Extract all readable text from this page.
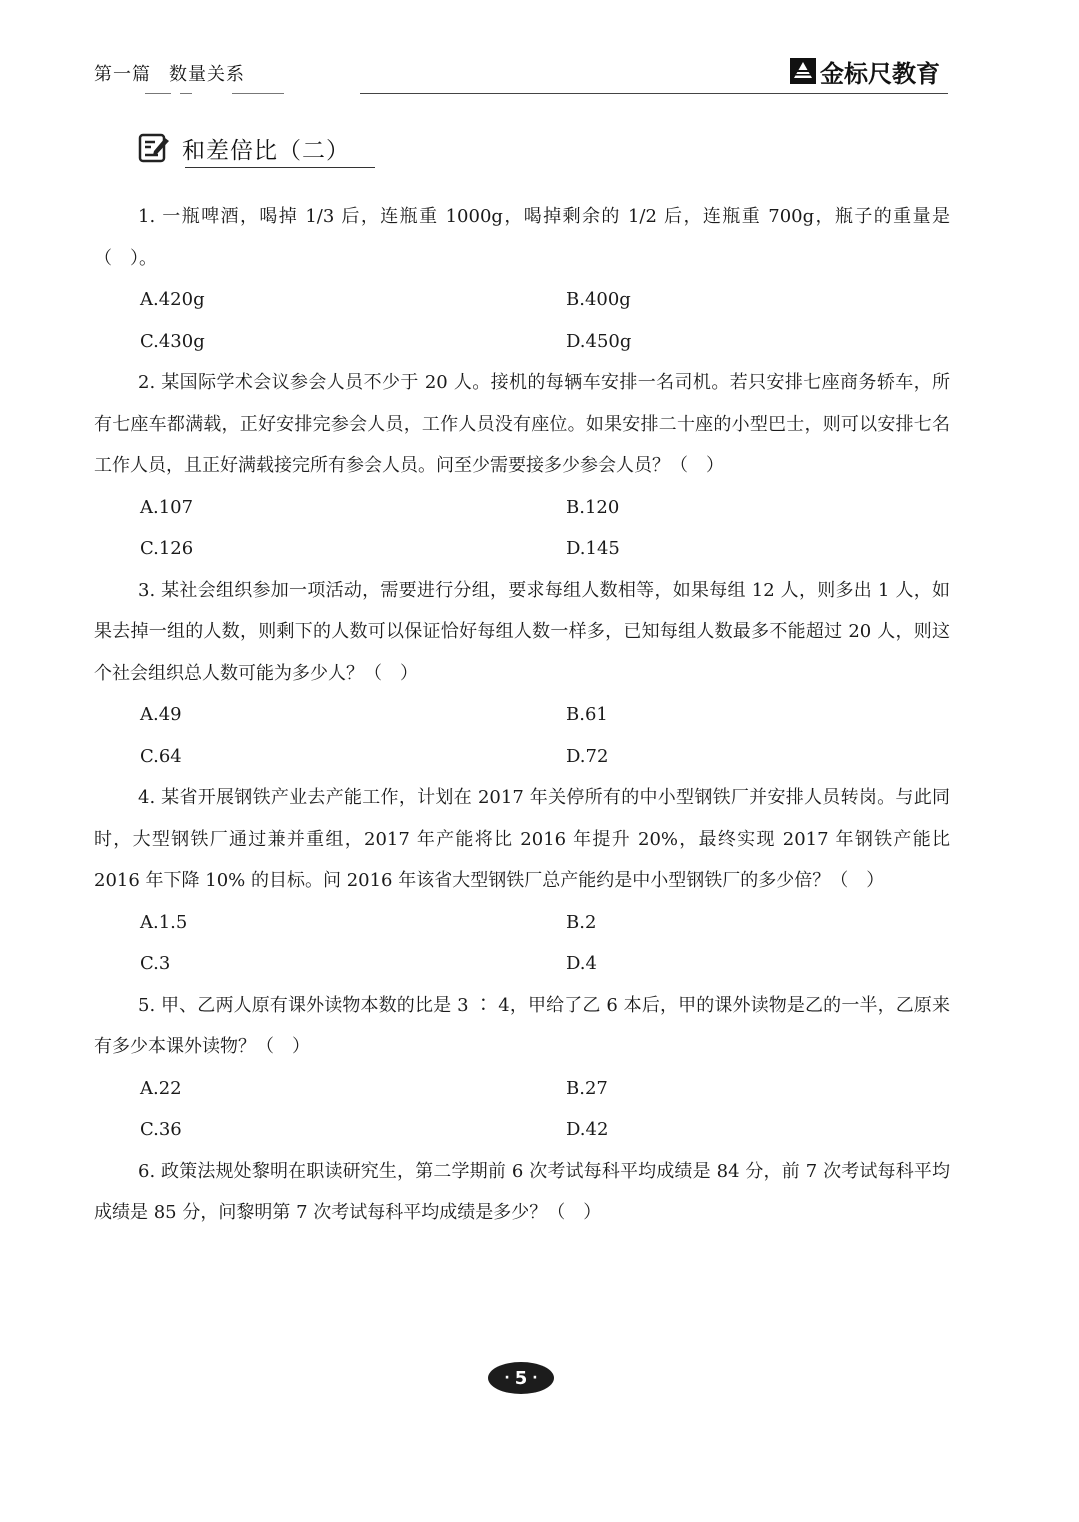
第一篇 数量关系	金标尺教育
和差倍比（二）

1. 一瓶啤酒，喝掉 1/3 后，连瓶重 1000g，喝掉剩余的 1/2 后，连瓶重 700g，瓶子的重量是（　）。

A.420g	B.400g

C.430g	D.450g

2. 某国际学术会议参会人员不少于 20 人。接机的每辆车安排一名司机。若只安排七座商务轿车，所有七座车都满载，正好安排完参会人员，工作人员没有座位。如果安排二十座的小型巴士，则可以安排七名工作人员，且正好满载接完所有参会人员。问至少需要接多少参会人员？（　）

A.107	B.120

C.126	D.145

3. 某社会组织参加一项活动，需要进行分组，要求每组人数相等，如果每组 12 人，则多出 1 人，如果去掉一组的人数，则剩下的人数可以保证恰好每组人数一样多，已知每组人数最多不能超过 20 人，则这个社会组织总人数可能为多少人？（　）

A.49	B.61

C.64	D.72

4. 某省开展钢铁产业去产能工作，计划在 2017 年关停所有的中小型钢铁厂并安排人员转岗。与此同时，大型钢铁厂通过兼并重组，2017 年产能将比 2016 年提升 20%，最终实现 2017 年钢铁产能比 2016 年下降 10% 的目标。问 2016 年该省大型钢铁厂总产能约是中小型钢铁厂的多少倍？（　）

A.1.5	B.2

C.3	D.4

5. 甲、乙两人原有课外读物本数的比是 3 ∶ 4，甲给了乙 6 本后，甲的课外读物是乙的一半，乙原来有多少本课外读物？（　）

A.22	B.27

C.36	D.42

6. 政策法规处黎明在职读研究生，第二学期前 6 次考试每科平均成绩是 84 分，前 7 次考试每科平均成绩是 85 分，问黎明第 7 次考试每科平均成绩是多少？（　）

· 5 ·
